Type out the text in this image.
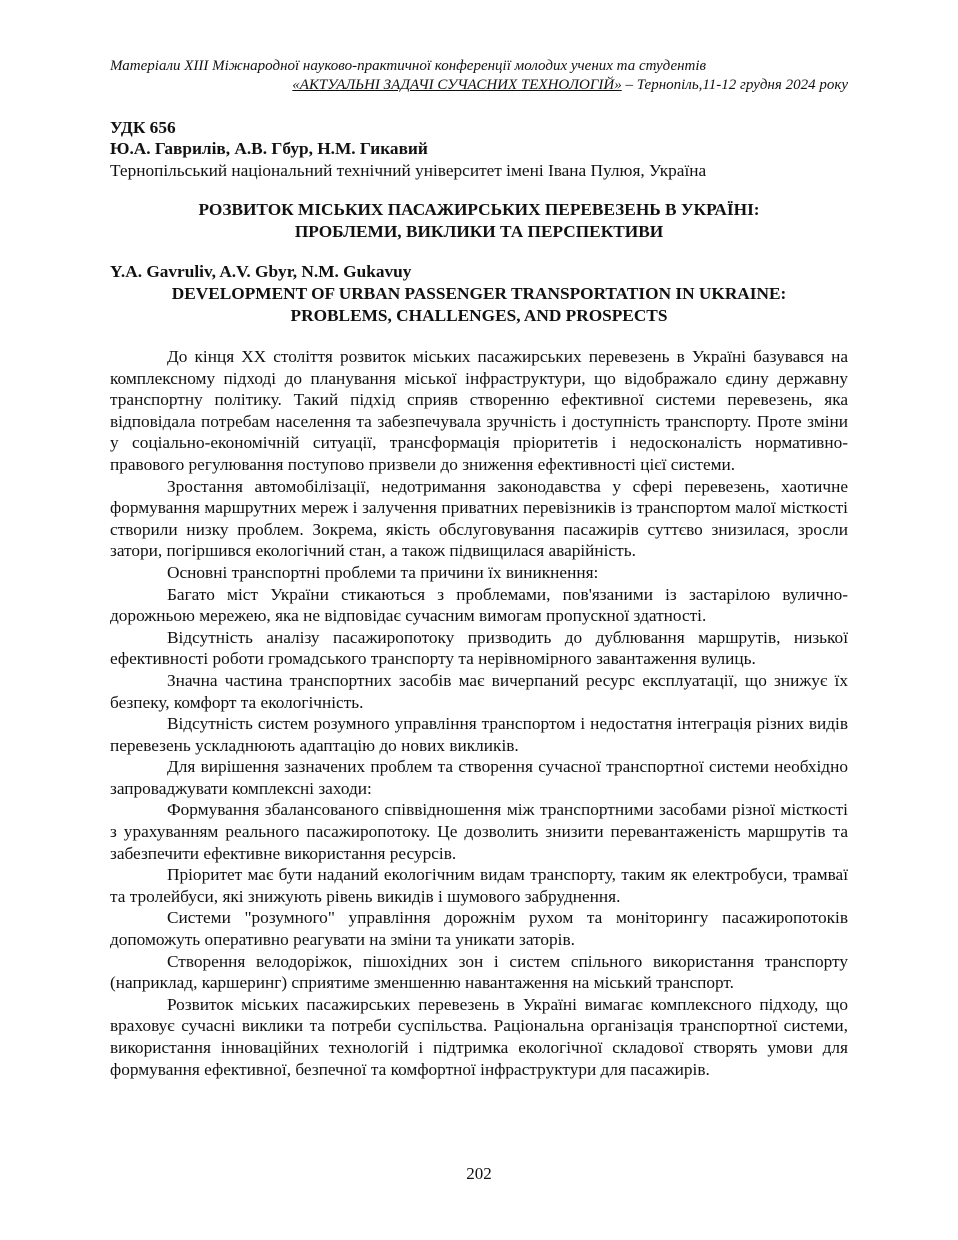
Матеріали XIII Міжнародної науково-практичної конференції молодих учених та студентів
«АКТУАЛЬНІ ЗАДАЧІ СУЧАСНИХ ТЕХНОЛОГІЙ» – Тернопіль,11-12 грудня 2024 року
УДК 656
Ю.А. Гаврилів, А.В. Гбур, Н.М. Гикавий
Тернопільський національний технічний університет імені Івана Пулюя, Україна
РОЗВИТОК МІСЬКИХ ПАСАЖИРСЬКИХ ПЕРЕВЕЗЕНЬ В УКРАЇНІ:
ПРОБЛЕМИ, ВИКЛИКИ ТА ПЕРСПЕКТИВИ
Y.A. Gavruliv, A.V. Gbyr, N.M. Gukavuy
DEVELOPMENT OF URBAN PASSENGER TRANSPORTATION IN UKRAINE:
PROBLEMS, CHALLENGES, AND PROSPECTS

До кінця XX століття розвиток міських пасажирських перевезень в Україні базувався на комплексному підході до планування міської інфраструктури, що відображало єдину державну транспортну політику. Такий підхід сприяв створенню ефективної системи перевезень, яка відповідала потребам населення та забезпечувала зручність і доступність транспорту. Проте зміни у соціально-економічній ситуації, трансформація пріоритетів і недосконалість нормативно-правового регулювання поступово призвели до зниження ефективності цієї системи.

Зростання автомобілізації, недотримання законодавства у сфері перевезень, хаотичне формування маршрутних мереж і залучення приватних перевізників із транспортом малої місткості створили низку проблем. Зокрема, якість обслуговування пасажирів суттєво знизилася, зросли затори, погіршився екологічний стан, а також підвищилася аварійність.

Основні транспортні проблеми та причини їх виникнення:

Багато міст України стикаються з проблемами, пов'язаними із застарілою вулично-дорожньою мережею, яка не відповідає сучасним вимогам пропускної здатності.

Відсутність аналізу пасажиропотоку призводить до дублювання маршрутів, низької ефективності роботи громадського транспорту та нерівномірного завантаження вулиць.

Значна частина транспортних засобів має вичерпаний ресурс експлуатації, що знижує їх безпеку, комфорт та екологічність.

Відсутність систем розумного управління транспортом і недостатня інтеграція різних видів перевезень ускладнюють адаптацію до нових викликів.

Для вирішення зазначених проблем та створення сучасної транспортної системи необхідно запроваджувати комплексні заходи:

Формування збалансованого співвідношення між транспортними засобами різної місткості з урахуванням реального пасажиропотоку. Це дозволить знизити перевантаженість маршрутів та забезпечити ефективне використання ресурсів.

Пріоритет має бути наданий екологічним видам транспорту, таким як електробуси, трамваї та тролейбуси, які знижують рівень викидів і шумового забруднення.

Системи "розумного" управління дорожнім рухом та моніторингу пасажиропотоків допоможуть оперативно реагувати на зміни та уникати заторів.

Створення велодоріжок, пішохідних зон і систем спільного використання транспорту (наприклад, каршеринг) сприятиме зменшенню навантаження на міський транспорт.

Розвиток міських пасажирських перевезень в Україні вимагає комплексного підходу, що враховує сучасні виклики та потреби суспільства. Раціональна організація транспортної системи, використання інноваційних технологій і підтримка екологічної складової створять умови для формування ефективної, безпечної та комфортної інфраструктури для пасажирів.

202
